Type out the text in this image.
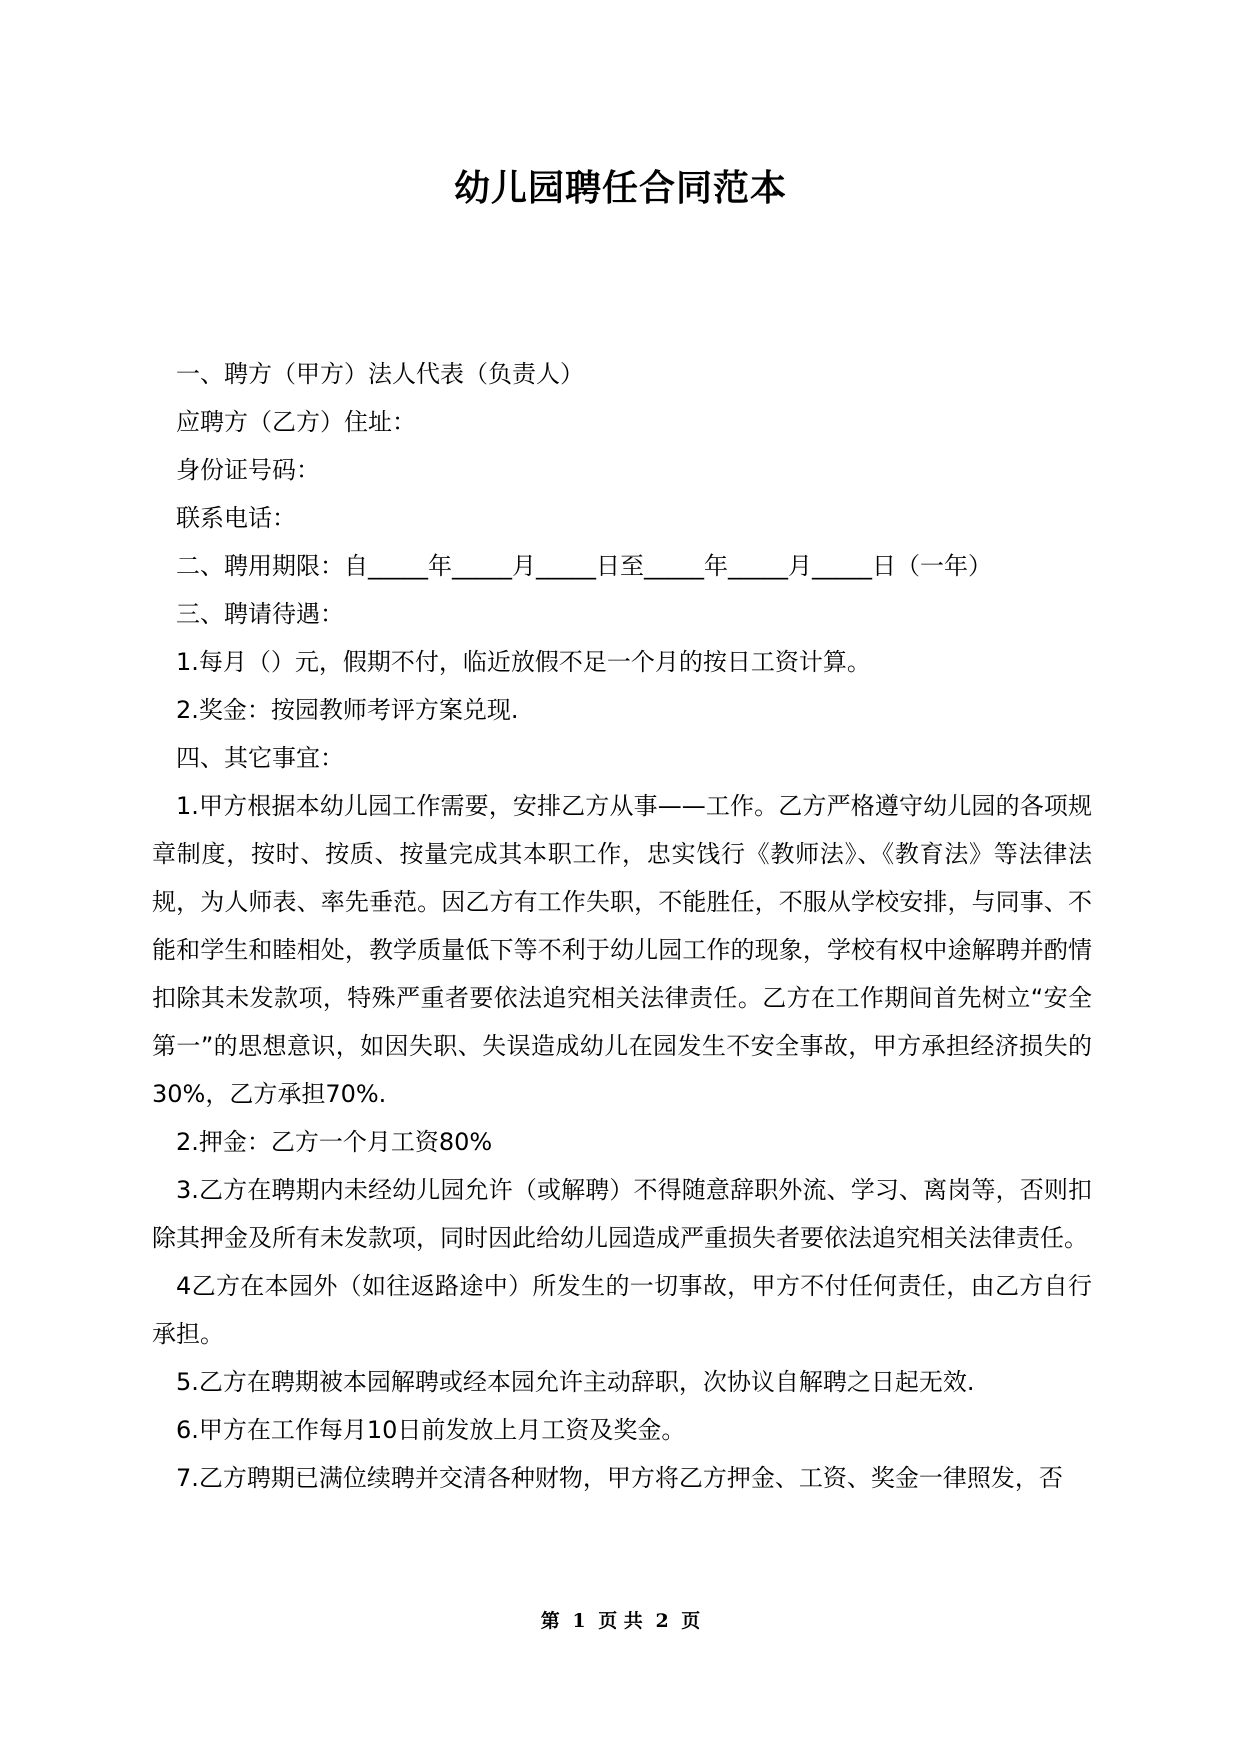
幼儿园聘任合同范本

一、聘方（甲方）法人代表（负责人）

应聘方（乙方）住址：

身份证号码：

联系电话：

二、聘用期限：自_____年_____月_____日至_____年_____月_____日（一年）

三、聘请待遇：

1.每月（）元，假期不付，临近放假不足一个月的按日工资计算。

2.奖金：按园教师考评方案兑现.

四、其它事宜：

1.甲方根据本幼儿园工作需要，安排乙方从事——工作。乙方严格遵守幼儿园的各项规章制度，按时、按质、按量完成其本职工作，忠实饯行《教师法》、《教育法》等法律法规，为人师表、率先垂范。因乙方有工作失职，不能胜任，不服从学校安排，与同事、不能和学生和睦相处，教学质量低下等不利于幼儿园工作的现象，学校有权中途解聘并酌情扣除其未发款项，特殊严重者要依法追究相关法律责任。乙方在工作期间首先树立“安全第一”的思想意识，如因失职、失误造成幼儿在园发生不安全事故，甲方承担经济损失的30%，乙方承担70%.

2.押金：乙方一个月工资80%

3.乙方在聘期内未经幼儿园允许（或解聘）不得随意辞职外流、学习、离岗等，否则扣除其押金及所有未发款项，同时因此给幼儿园造成严重损失者要依法追究相关法律责任。

4乙方在本园外（如往返路途中）所发生的一切事故，甲方不付任何责任，由乙方自行承担。

5.乙方在聘期被本园解聘或经本园允许主动辞职，次协议自解聘之日起无效.

6.甲方在工作每月10日前发放上月工资及奖金。

7.乙方聘期已满位续聘并交清各种财物，甲方将乙方押金、工资、奖金一律照发，否

第 1 页 共 2 页
